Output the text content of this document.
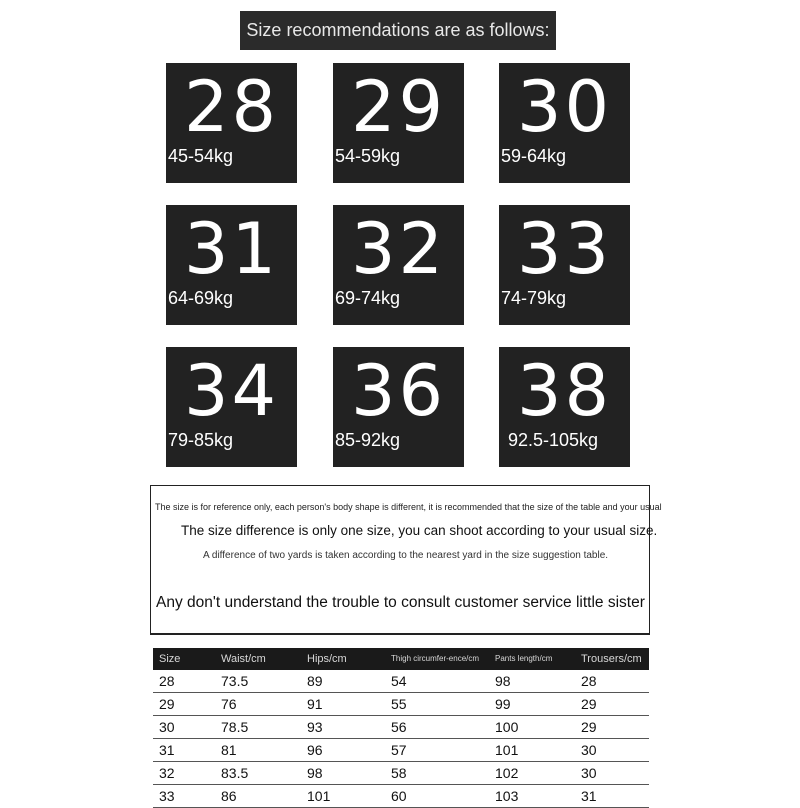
Size recommendations are as follows:
28
45-54kg
29
54-59kg
30
59-64kg
31
64-69kg
32
69-74kg
33
74-79kg
34
79-85kg
36
85-92kg
38
92.5-105kg
The size is for reference only, each person's body shape is different, it is recommended that the size of the table and your usual
The size difference is only one size, you can shoot according to your usual size.
A difference of two yards is taken according to the nearest yard in the size suggestion table.
Any don't understand the trouble to consult customer service little sister
Size	Waist/cm	Hips/cm	Thigh circumfer-ence/cm	Pants length/cm	Trousers/cm
28	73.5	89	54	98	28
29	76	91	55	99	29
30	78.5	93	56	100	29
31	81	96	57	101	30
32	83.5	98	58	102	30
33	86	101	60	103	31
